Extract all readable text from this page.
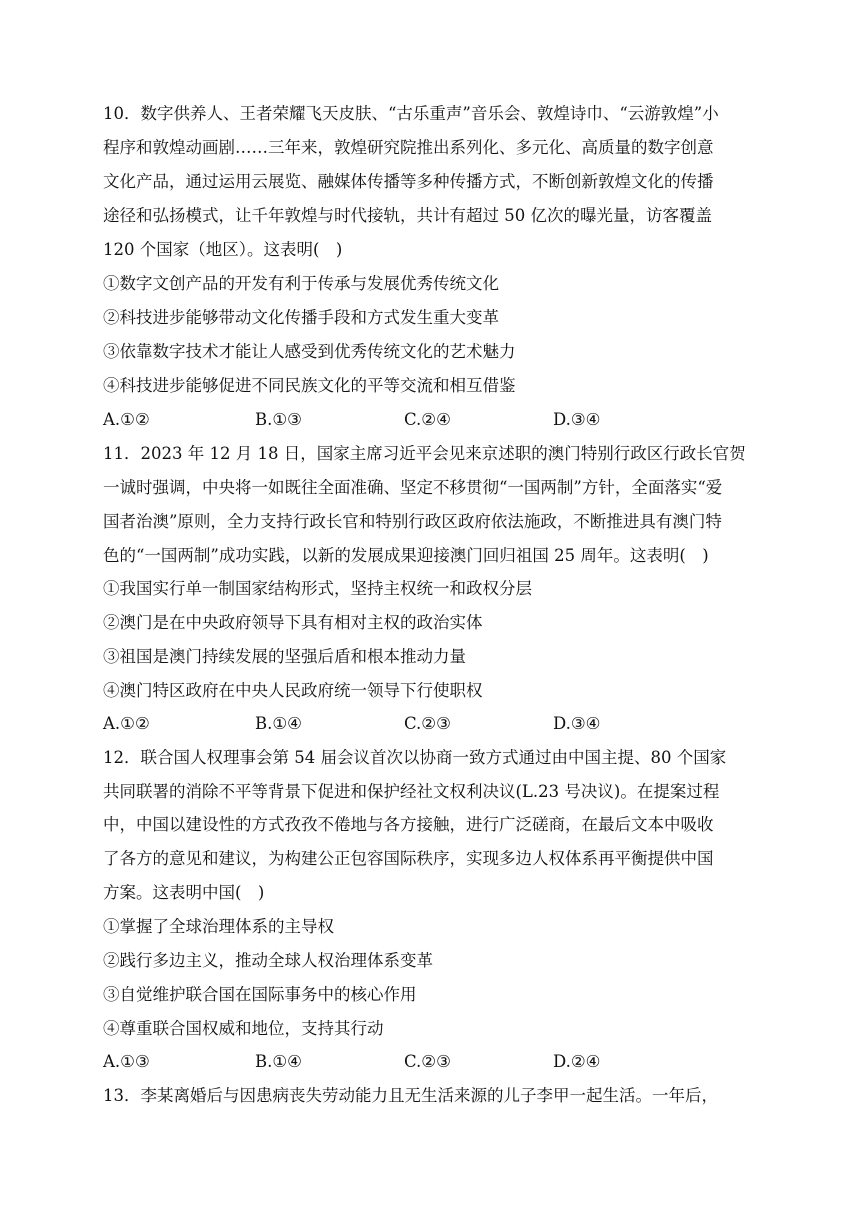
10．数字供养人、王者荣耀飞天皮肤、“古乐重声”音乐会、敦煌诗巾、“云游敦煌”小
程序和敦煌动画剧……三年来，敦煌研究院推出系列化、多元化、高质量的数字创意
文化产品，通过运用云展览、融媒体传播等多种传播方式，不断创新敦煌文化的传播
途径和弘扬模式，让千年敦煌与时代接轨，共计有超过 50 亿次的曝光量，访客覆盖
120 个国家（地区）。这表明(　)
①数字文创产品的开发有利于传承与发展优秀传统文化
②科技进步能够带动文化传播手段和方式发生重大变革
③依靠数字技术才能让人感受到优秀传统文化的艺术魅力
④科技进步能够促进不同民族文化的平等交流和相互借鉴
A.①②	B.①③	C.②④	D.③④
11．2023 年 12 月 18 日，国家主席习近平会见来京述职的澳门特别行政区行政长官贺
一诚时强调，中央将一如既往全面准确、坚定不移贯彻“一国两制”方针，全面落实“爱
国者治澳”原则，全力支持行政长官和特别行政区政府依法施政，不断推进具有澳门特
色的“一国两制”成功实践，以新的发展成果迎接澳门回归祖国 25 周年。这表明(　)
①我国实行单一制国家结构形式，坚持主权统一和政权分层
②澳门是在中央政府领导下具有相对主权的政治实体
③祖国是澳门持续发展的坚强后盾和根本推动力量
④澳门特区政府在中央人民政府统一领导下行使职权
A.①②	B.①④	C.②③	D.③④
12．联合国人权理事会第 54 届会议首次以协商一致方式通过由中国主提、80 个国家
共同联署的消除不平等背景下促进和保护经社文权利决议(L.23 号决议)。在提案过程
中，中国以建设性的方式孜孜不倦地与各方接触，进行广泛磋商，在最后文本中吸收
了各方的意见和建议，为构建公正包容国际秩序，实现多边人权体系再平衡提供中国
方案。这表明中国(　)
①掌握了全球治理体系的主导权
②践行多边主义，推动全球人权治理体系变革
③自觉维护联合国在国际事务中的核心作用
④尊重联合国权威和地位，支持其行动
A.①③	B.①④	C.②③	D.②④
13．李某离婚后与因患病丧失劳动能力且无生活来源的儿子李甲一起生活。一年后，
